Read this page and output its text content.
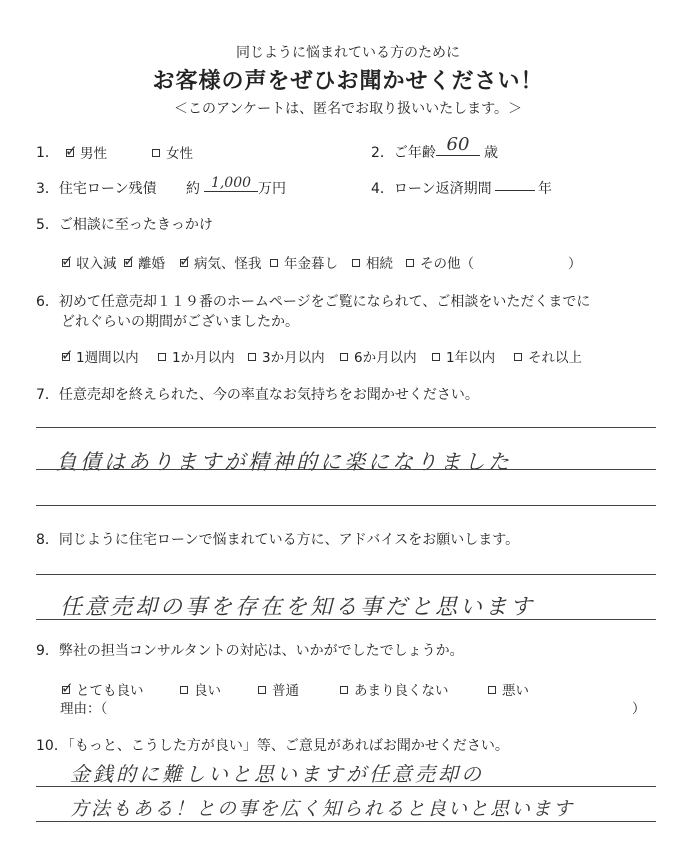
同じように悩まれている方のために
お客様の声をぜひお聞かせください！
＜このアンケートは、匿名でお取り扱いいたします。＞
1． ✓ 男性	女性	2．ご年齢 60	歳
3．住宅ローン残債 約 1,000 万円	4．ローン返済期間	年
5．ご相談に至ったきっかけ
✓ 収入減 ✓ 離婚 ✓ 病気、怪我	年金暮し	相続	その他（	）
6．初めて任意売却１１９番のホームページをご覧になられて、ご相談をいただくまでに
どれぐらいの期間がございましたか。
✓ 1週間以内	1か月以内	3か月以内	6か月以内	1年以内	それ以上
7．任意売却を終えられた、今の率直なお気持ちをお聞かせください。
負債はありますが精神的に楽になりました
8．同じように住宅ローンで悩まれている方に、アドバイスをお願いします。
任意売却の事を存在を知る事だと思います
9．弊社の担当コンサルタントの対応は、いかがでしたでしょうか。
✓ とても良い	良い	普通	あまり良くない	悪い
理由：（	）
10．「もっと、こうした方が良い」等、ご意見があればお聞かせください。
金銭的に難しいと思いますが任意売却の
方法もある！との事を広く知られると良いと思います
